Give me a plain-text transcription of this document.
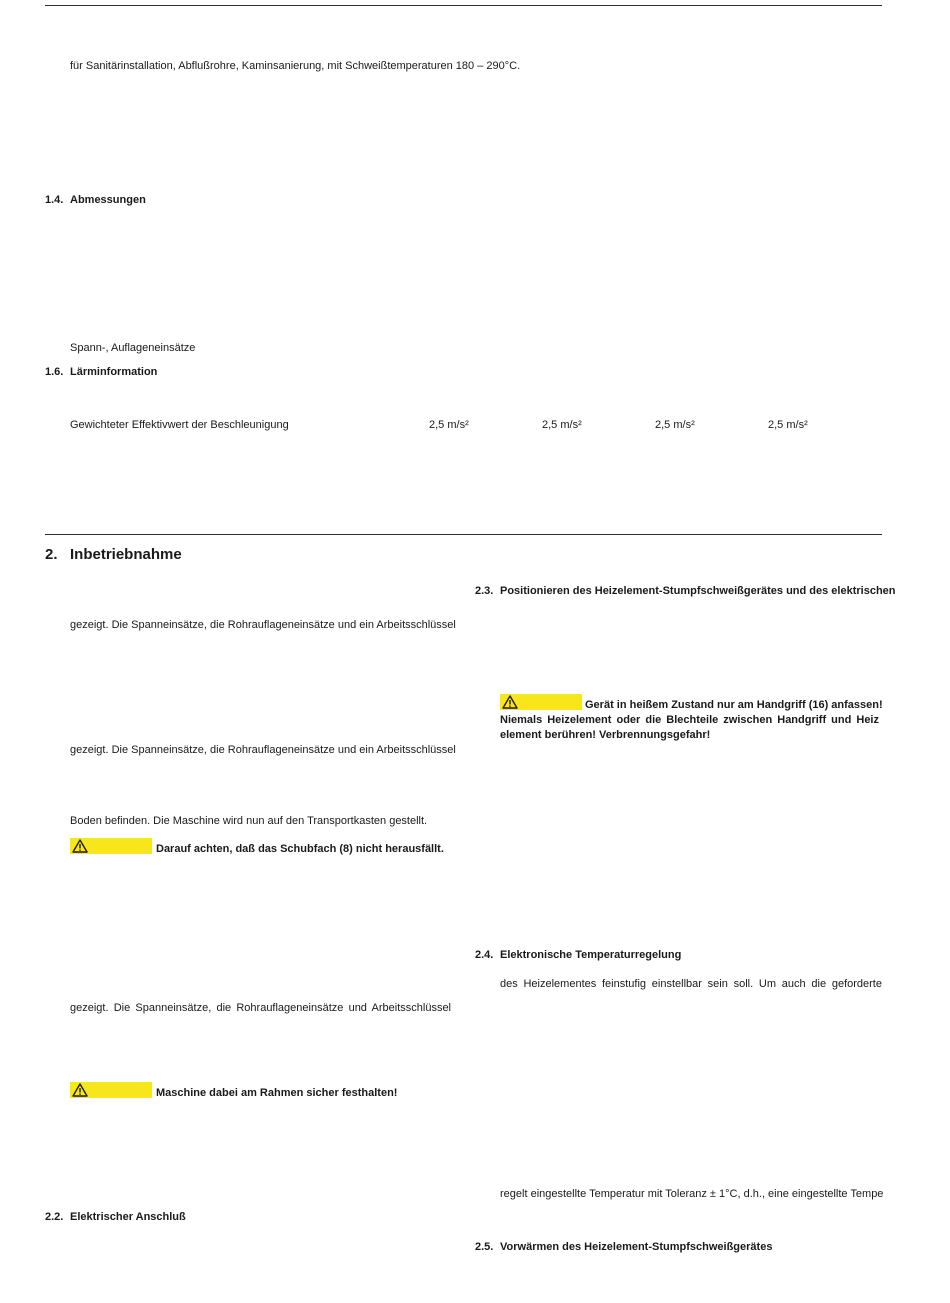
für Sanitärinstallation, Abflußrohre, Kaminsanierung, mit Schweißtemperaturen 180 – 290°C.
1.4. Abmessungen
Spann-, Auflageneinsätze
1.6. Lärminformation
Gewichteter Effektivwert der Beschleunigung	2,5 m/s²	2,5 m/s²	2,5 m/s²	2,5 m/s²
2. Inbetriebnahme
gezeigt. Die Spanneinsätze, die Rohrauflageneinsätze und ein Arbeitsschlüssel
gezeigt. Die Spanneinsätze, die Rohrauflageneinsätze und ein Arbeitsschlüssel
Boden befinden. Die Maschine wird nun auf den Transportkasten gestellt.
Darauf achten, daß das Schubfach (8) nicht herausfällt.
gezeigt. Die Spanneinsätze, die Rohrauflageneinsätze und Arbeitsschlüssel
Maschine dabei am Rahmen sicher festhalten!
2.2. Elektrischer Anschluß
2.3. Positionieren des Heizelement-Stumpfschweißgerätes und des elektrischen
Gerät in heißem Zustand nur am Handgriff (16) anfassen!
Niemals Heizelement oder die Blechteile zwischen Handgriff und Heiz
element berühren! Verbrennungsgefahr!
2.4. Elektronische Temperaturregelung
des Heizelementes feinstufig einstellbar sein soll. Um auch die geforderte
regelt eingestellte Temperatur mit Toleranz ± 1°C, d.h., eine eingestellte Tempe
2.5. Vorwärmen des Heizelement-Stumpfschweißgerätes
